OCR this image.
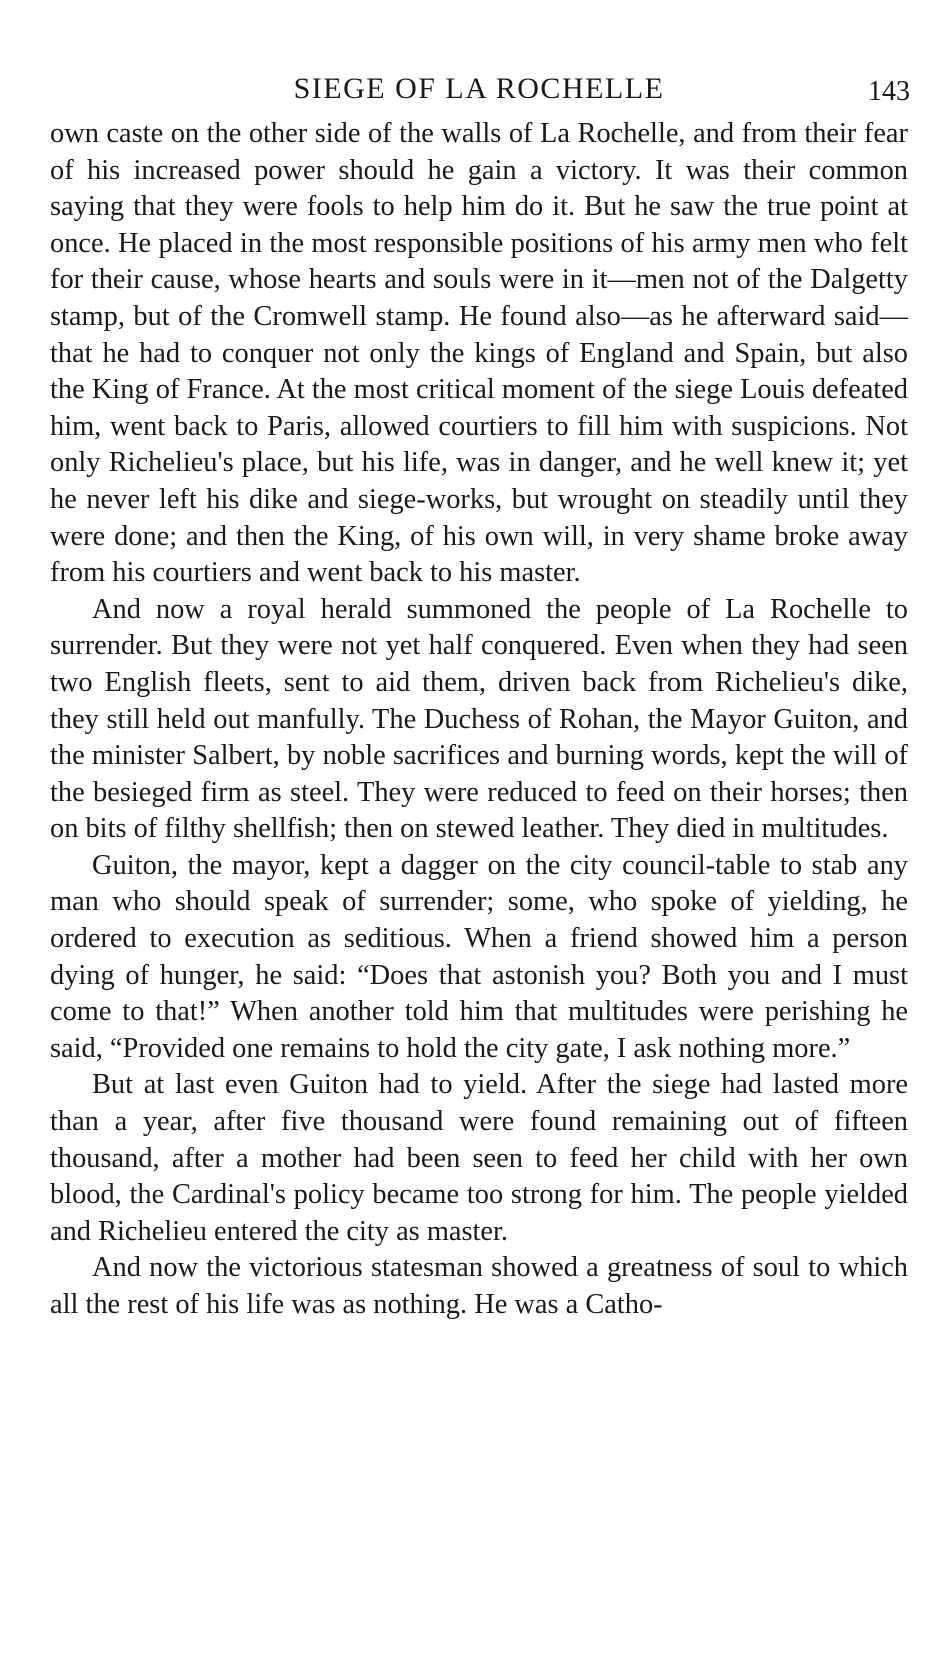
SIEGE OF LA ROCHELLE	143

own caste on the other side of the walls of La Rochelle, and from their fear of his increased power should he gain a victory. It was their common saying that they were fools to help him do it. But he saw the true point at once. He placed in the most responsible positions of his army men who felt for their cause, whose hearts and souls were in it—men not of the Dalgetty stamp, but of the Cromwell stamp. He found also—as he afterward said—that he had to conquer not only the kings of England and Spain, but also the King of France. At the most critical moment of the siege Louis defeated him, went back to Paris, allowed courtiers to fill him with suspicions. Not only Richelieu's place, but his life, was in danger, and he well knew it; yet he never left his dike and siege-works, but wrought on steadily until they were done; and then the King, of his own will, in very shame broke away from his courtiers and went back to his master.

And now a royal herald summoned the people of La Rochelle to surrender. But they were not yet half conquered. Even when they had seen two English fleets, sent to aid them, driven back from Richelieu's dike, they still held out manfully. The Duchess of Rohan, the Mayor Guiton, and the minister Salbert, by noble sacrifices and burning words, kept the will of the besieged firm as steel. They were reduced to feed on their horses; then on bits of filthy shellfish; then on stewed leather. They died in multitudes.

Guiton, the mayor, kept a dagger on the city council-table to stab any man who should speak of surrender; some, who spoke of yielding, he ordered to execution as seditious. When a friend showed him a person dying of hunger, he said: “Does that astonish you? Both you and I must come to that!” When another told him that multitudes were perishing he said, “Provided one remains to hold the city gate, I ask nothing more.”

But at last even Guiton had to yield. After the siege had lasted more than a year, after five thousand were found remaining out of fifteen thousand, after a mother had been seen to feed her child with her own blood, the Cardinal's policy became too strong for him. The people yielded and Richelieu entered the city as master.

And now the victorious statesman showed a greatness of soul to which all the rest of his life was as nothing. He was a Catho-
